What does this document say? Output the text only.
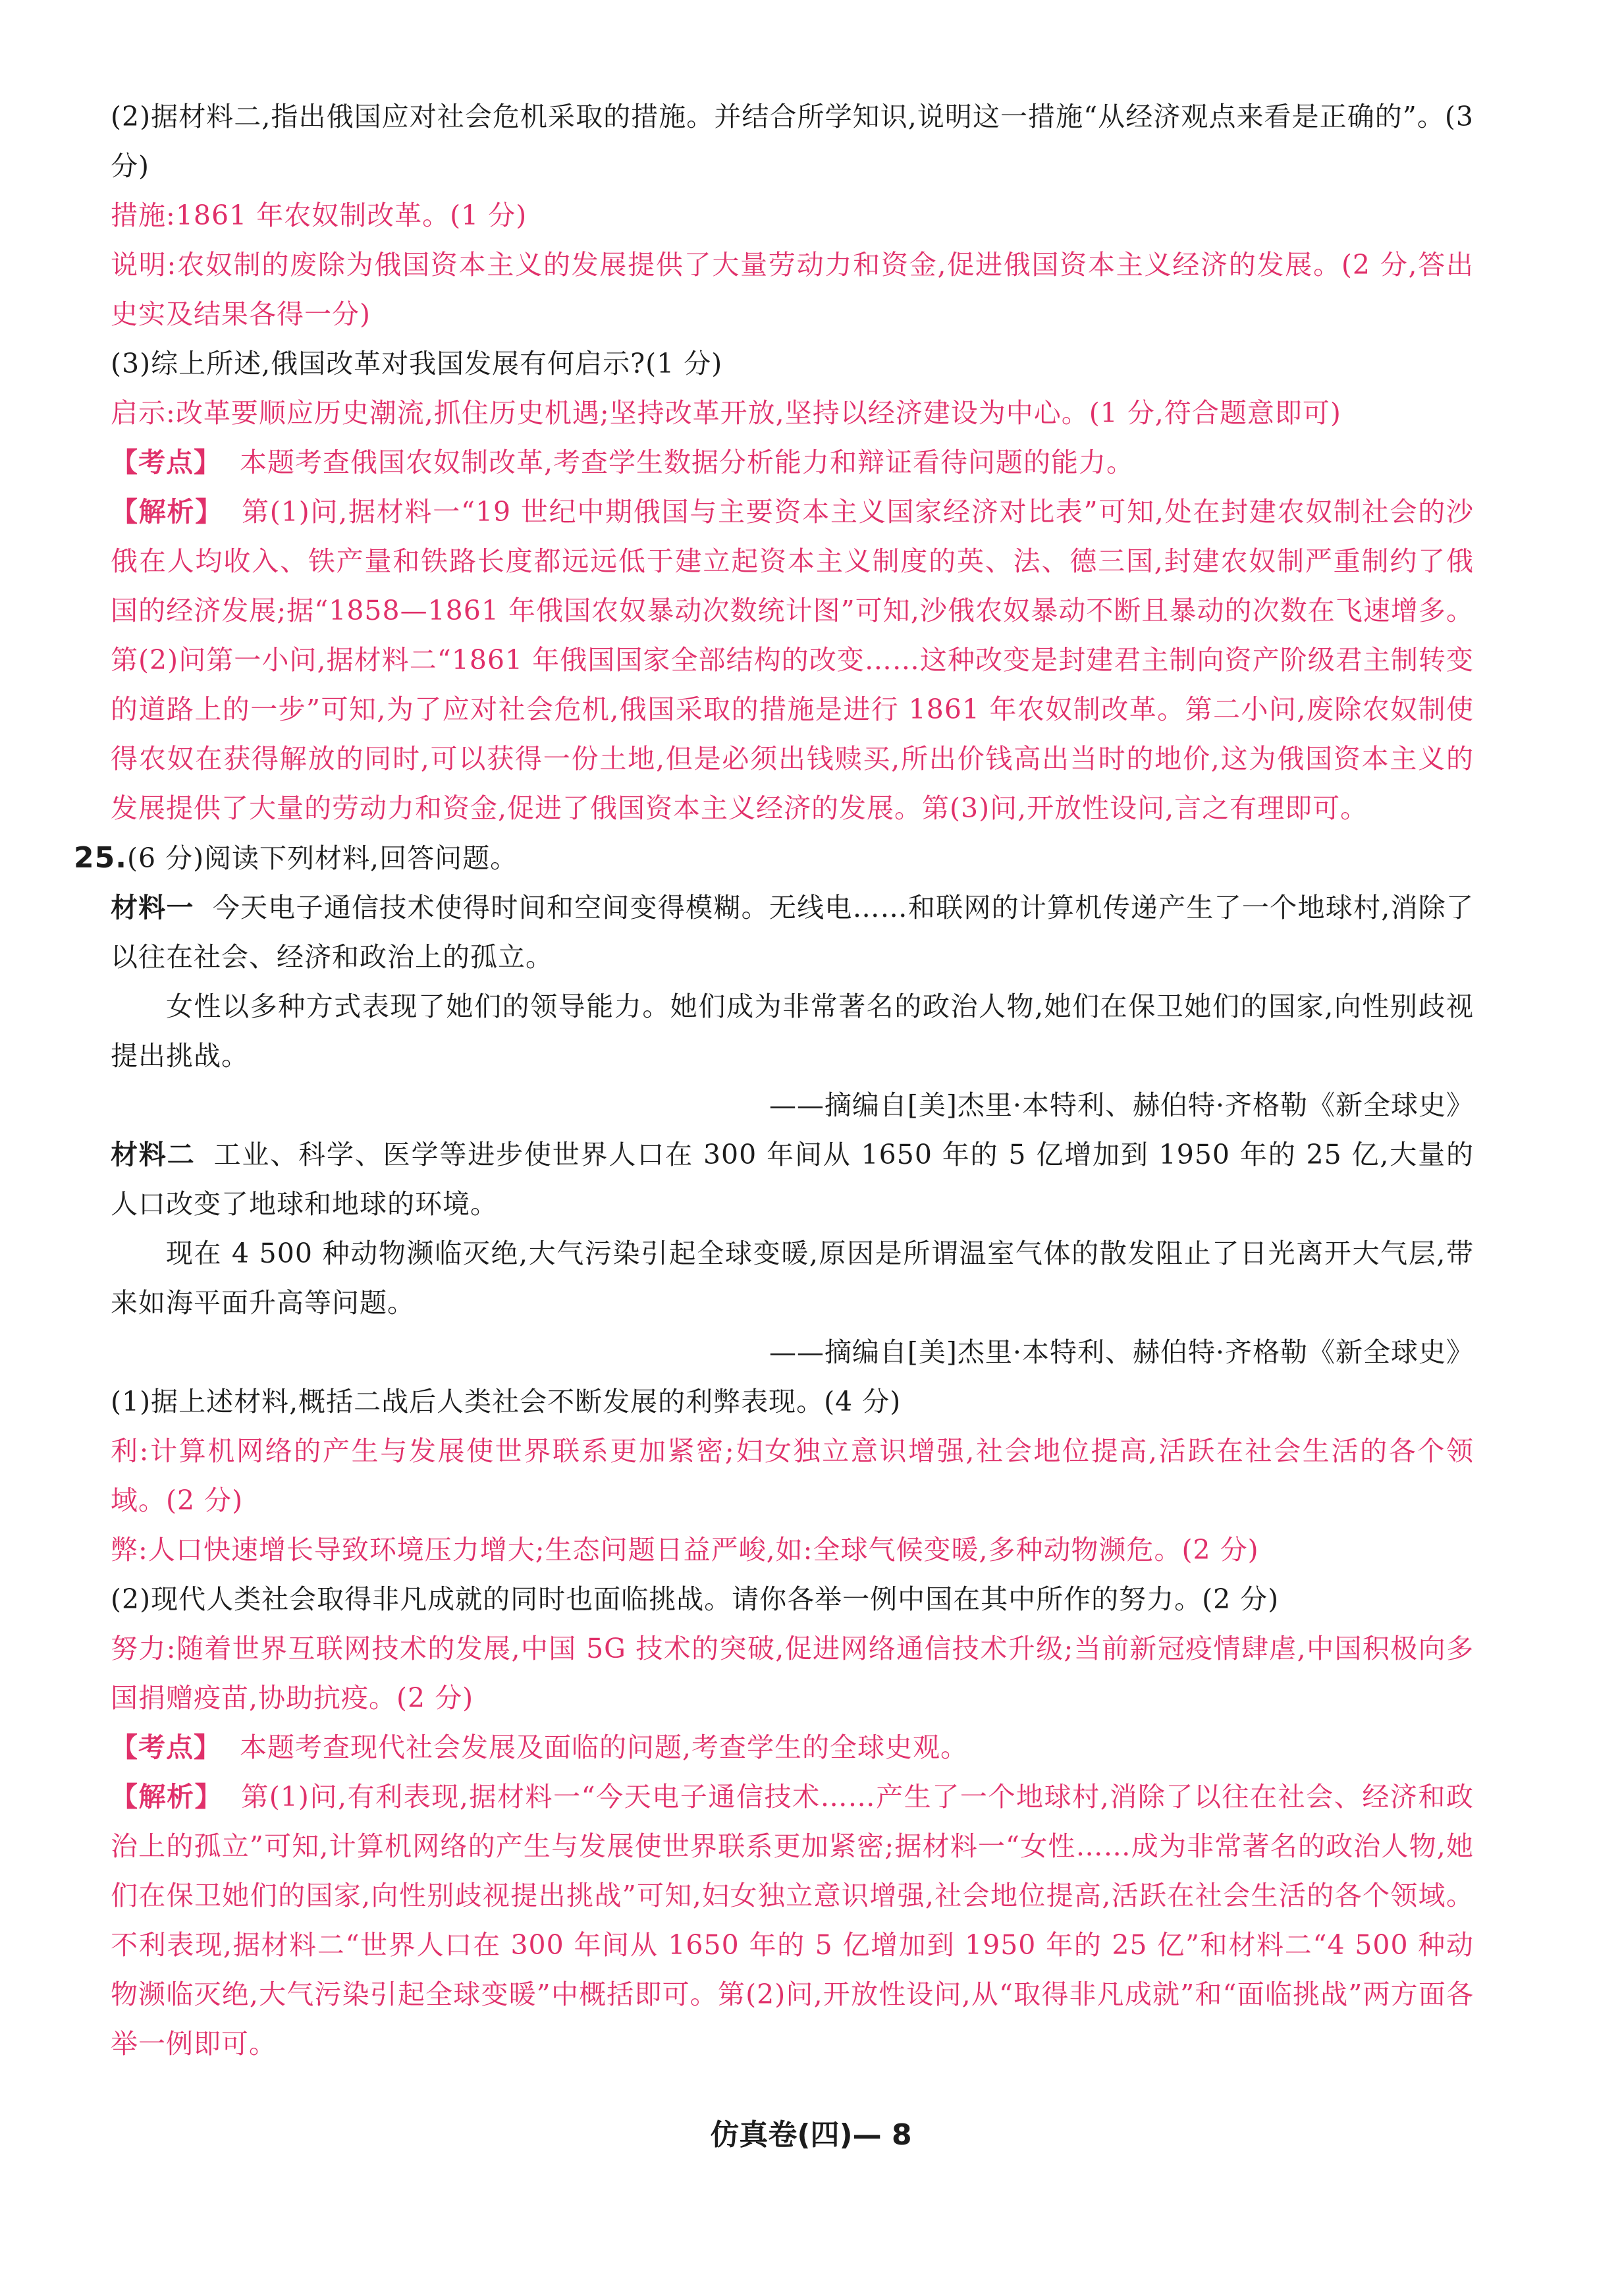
(2)据材料二,指出俄国应对社会危机采取的措施。并结合所学知识,说明这一措施“从经济观点来看是正确的”。(3 分)

措施:1861 年农奴制改革。(1 分)

说明:农奴制的废除为俄国资本主义的发展提供了大量劳动力和资金,促进俄国资本主义经济的发展。(2 分,答出史实及结果各得一分)

(3)综上所述,俄国改革对我国发展有何启示?(1 分)

启示:改革要顺应历史潮流,抓住历史机遇;坚持改革开放,坚持以经济建设为中心。(1 分,符合题意即可)

【考点】 本题考查俄国农奴制改革,考查学生数据分析能力和辩证看待问题的能力。

【解析】 第(1)问,据材料一“19 世纪中期俄国与主要资本主义国家经济对比表”可知,处在封建农奴制社会的沙俄在人均收入、铁产量和铁路长度都远远低于建立起资本主义制度的英、法、德三国,封建农奴制严重制约了俄国的经济发展;据“1858—1861 年俄国农奴暴动次数统计图”可知,沙俄农奴暴动不断且暴动的次数在飞速增多。第(2)问第一小问,据材料二“1861 年俄国国家全部结构的改变……这种改变是封建君主制向资产阶级君主制转变的道路上的一步”可知,为了应对社会危机,俄国采取的措施是进行 1861 年农奴制改革。第二小问,废除农奴制使得农奴在获得解放的同时,可以获得一份土地,但是必须出钱赎买,所出价钱高出当时的地价,这为俄国资本主义的发展提供了大量的劳动力和资金,促进了俄国资本主义经济的发展。第(3)问,开放性设问,言之有理即可。

25.(6 分)阅读下列材料,回答问题。

材料一 今天电子通信技术使得时间和空间变得模糊。无线电……和联网的计算机传递产生了一个地球村,消除了以往在社会、经济和政治上的孤立。

女性以多种方式表现了她们的领导能力。她们成为非常著名的政治人物,她们在保卫她们的国家,向性别歧视提出挑战。

——摘编自[美]杰里·本特利、赫伯特·齐格勒《新全球史》

材料二 工业、科学、医学等进步使世界人口在 300 年间从 1650 年的 5 亿增加到 1950 年的 25 亿,大量的人口改变了地球和地球的环境。

现在 4 500 种动物濒临灭绝,大气污染引起全球变暖,原因是所谓温室气体的散发阻止了日光离开大气层,带来如海平面升高等问题。

——摘编自[美]杰里·本特利、赫伯特·齐格勒《新全球史》

(1)据上述材料,概括二战后人类社会不断发展的利弊表现。(4 分)

利:计算机网络的产生与发展使世界联系更加紧密;妇女独立意识增强,社会地位提高,活跃在社会生活的各个领域。(2 分)

弊:人口快速增长导致环境压力增大;生态问题日益严峻,如:全球气候变暖,多种动物濒危。(2 分)

(2)现代人类社会取得非凡成就的同时也面临挑战。请你各举一例中国在其中所作的努力。(2 分)

努力:随着世界互联网技术的发展,中国 5G 技术的突破,促进网络通信技术升级;当前新冠疫情肆虐,中国积极向多国捐赠疫苗,协助抗疫。(2 分)

【考点】 本题考查现代社会发展及面临的问题,考查学生的全球史观。

【解析】 第(1)问,有利表现,据材料一“今天电子通信技术……产生了一个地球村,消除了以往在社会、经济和政治上的孤立”可知,计算机网络的产生与发展使世界联系更加紧密;据材料一“女性……成为非常著名的政治人物,她们在保卫她们的国家,向性别歧视提出挑战”可知,妇女独立意识增强,社会地位提高,活跃在社会生活的各个领域。不利表现,据材料二“世界人口在 300 年间从 1650 年的 5 亿增加到 1950 年的 25 亿”和材料二“4 500 种动物濒临灭绝,大气污染引起全球变暖”中概括即可。第(2)问,开放性设问,从“取得非凡成就”和“面临挑战”两方面各举一例即可。

仿真卷(四)— 8
